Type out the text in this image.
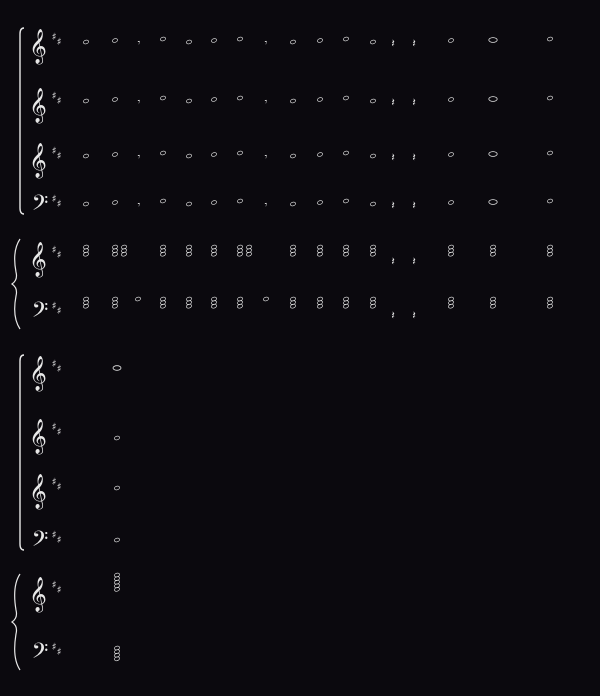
𝄞 ♯ ♯
𝄞 ♯ ♯
𝄞 ♯ ♯
𝄢 ♯ ♯
𝄞 ♯ ♯
𝄢 ♯ ♯
𝄞 ♯ ♯
𝄞 ♯ ♯
𝄞 ♯ ♯
𝄢 ♯ ♯
𝄞 ♯ ♯
𝄢 ♯ ♯
𝄾	𝄾	𝄽 𝄽
𝄾	𝄾	𝄽 𝄽
𝄾	𝄾	𝄽 𝄽
𝄾	𝄾	𝄽 𝄽
𝄽
𝄽
𝄽
𝄽
